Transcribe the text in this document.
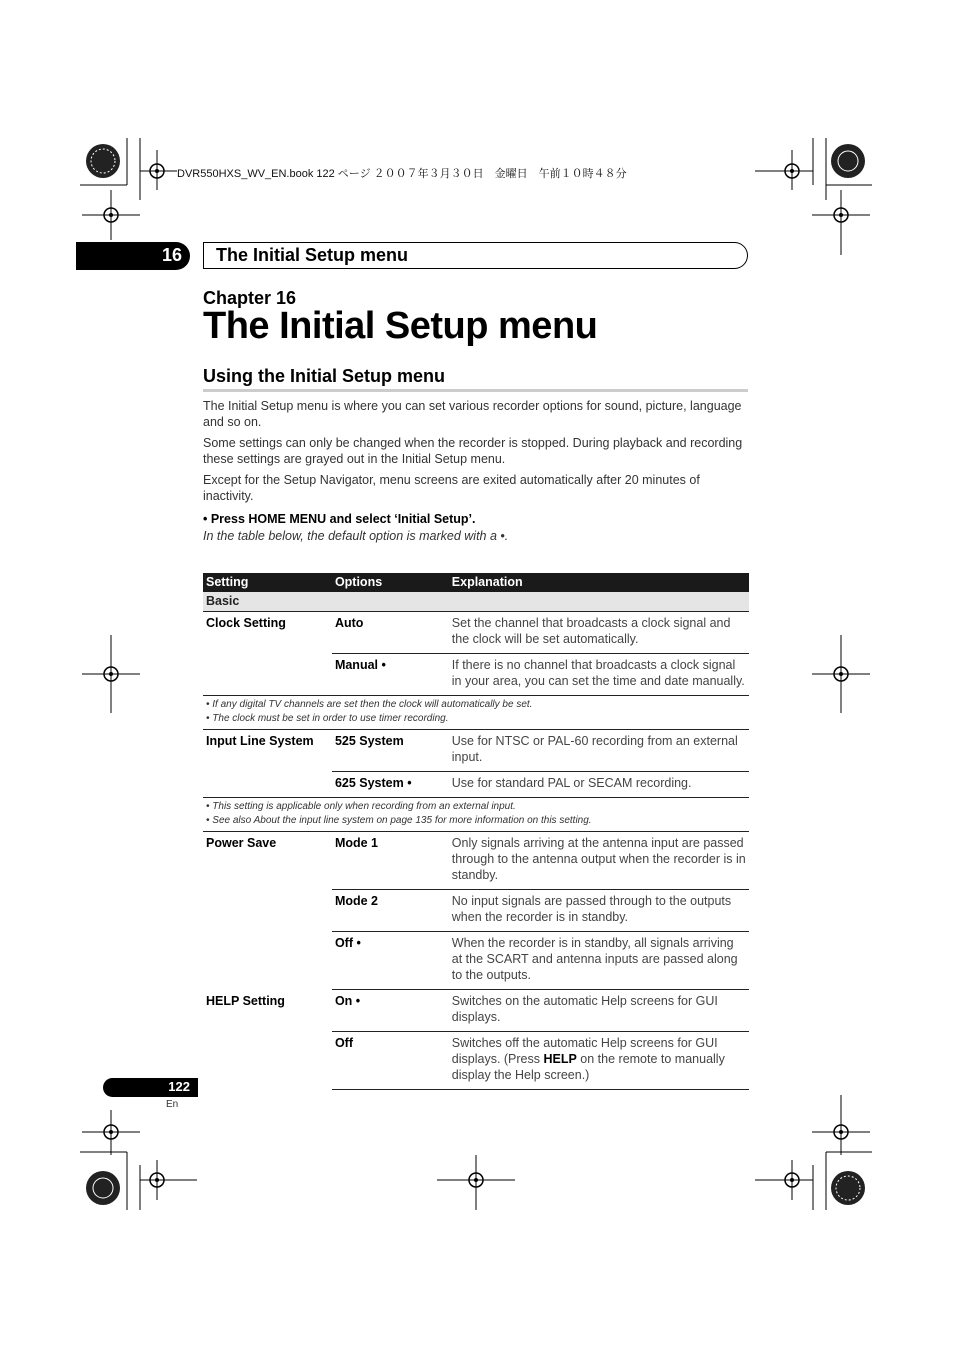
DVR550HXS_WV_EN.book 122 ページ ２００７年３月３０日　金曜日　午前１０時４８分
16 The Initial Setup menu
Chapter 16
The Initial Setup menu
Using the Initial Setup menu
The Initial Setup menu is where you can set various recorder options for sound, picture, language and so on.
Some settings can only be changed when the recorder is stopped. During playback and recording these settings are grayed out in the Initial Setup menu.
Except for the Setup Navigator, menu screens are exited automatically after 20 minutes of inactivity.
• Press HOME MENU and select ‘Initial Setup’.
In the table below, the default option is marked with a •.
Setting	Options	Explanation
Basic		
Clock Setting	Auto	Set the channel that broadcasts a clock signal and the clock will be set automatically.
	Manual •	If there is no channel that broadcasts a clock signal in your area, you can set the time and date manually.

• If any digital TV channels are set then the clock will automatically be set.
• The clock must be set in order to use timer recording.		

Input Line System	525 System	Use for NTSC or PAL-60 recording from an external input.
	625 System •	Use for standard PAL or SECAM recording.

• This setting is applicable only when recording from an external input.
• See also About the input line system on page 135 for more information on this setting.		

Power Save	Mode 1	Only signals arriving at the antenna input are passed through to the antenna output when the recorder is in standby.
	Mode 2	No input signals are passed through to the outputs when the recorder is in standby.
	Off •	When the recorder is in standby, all signals arriving at the SCART and antenna inputs are passed along to the outputs.
HELP Setting	On •	Switches on the automatic Help screens for GUI displays.
	Off	Switches off the automatic Help screens for GUI displays. (Press HELP on the remote to manually display the Help screen.)
122
En
